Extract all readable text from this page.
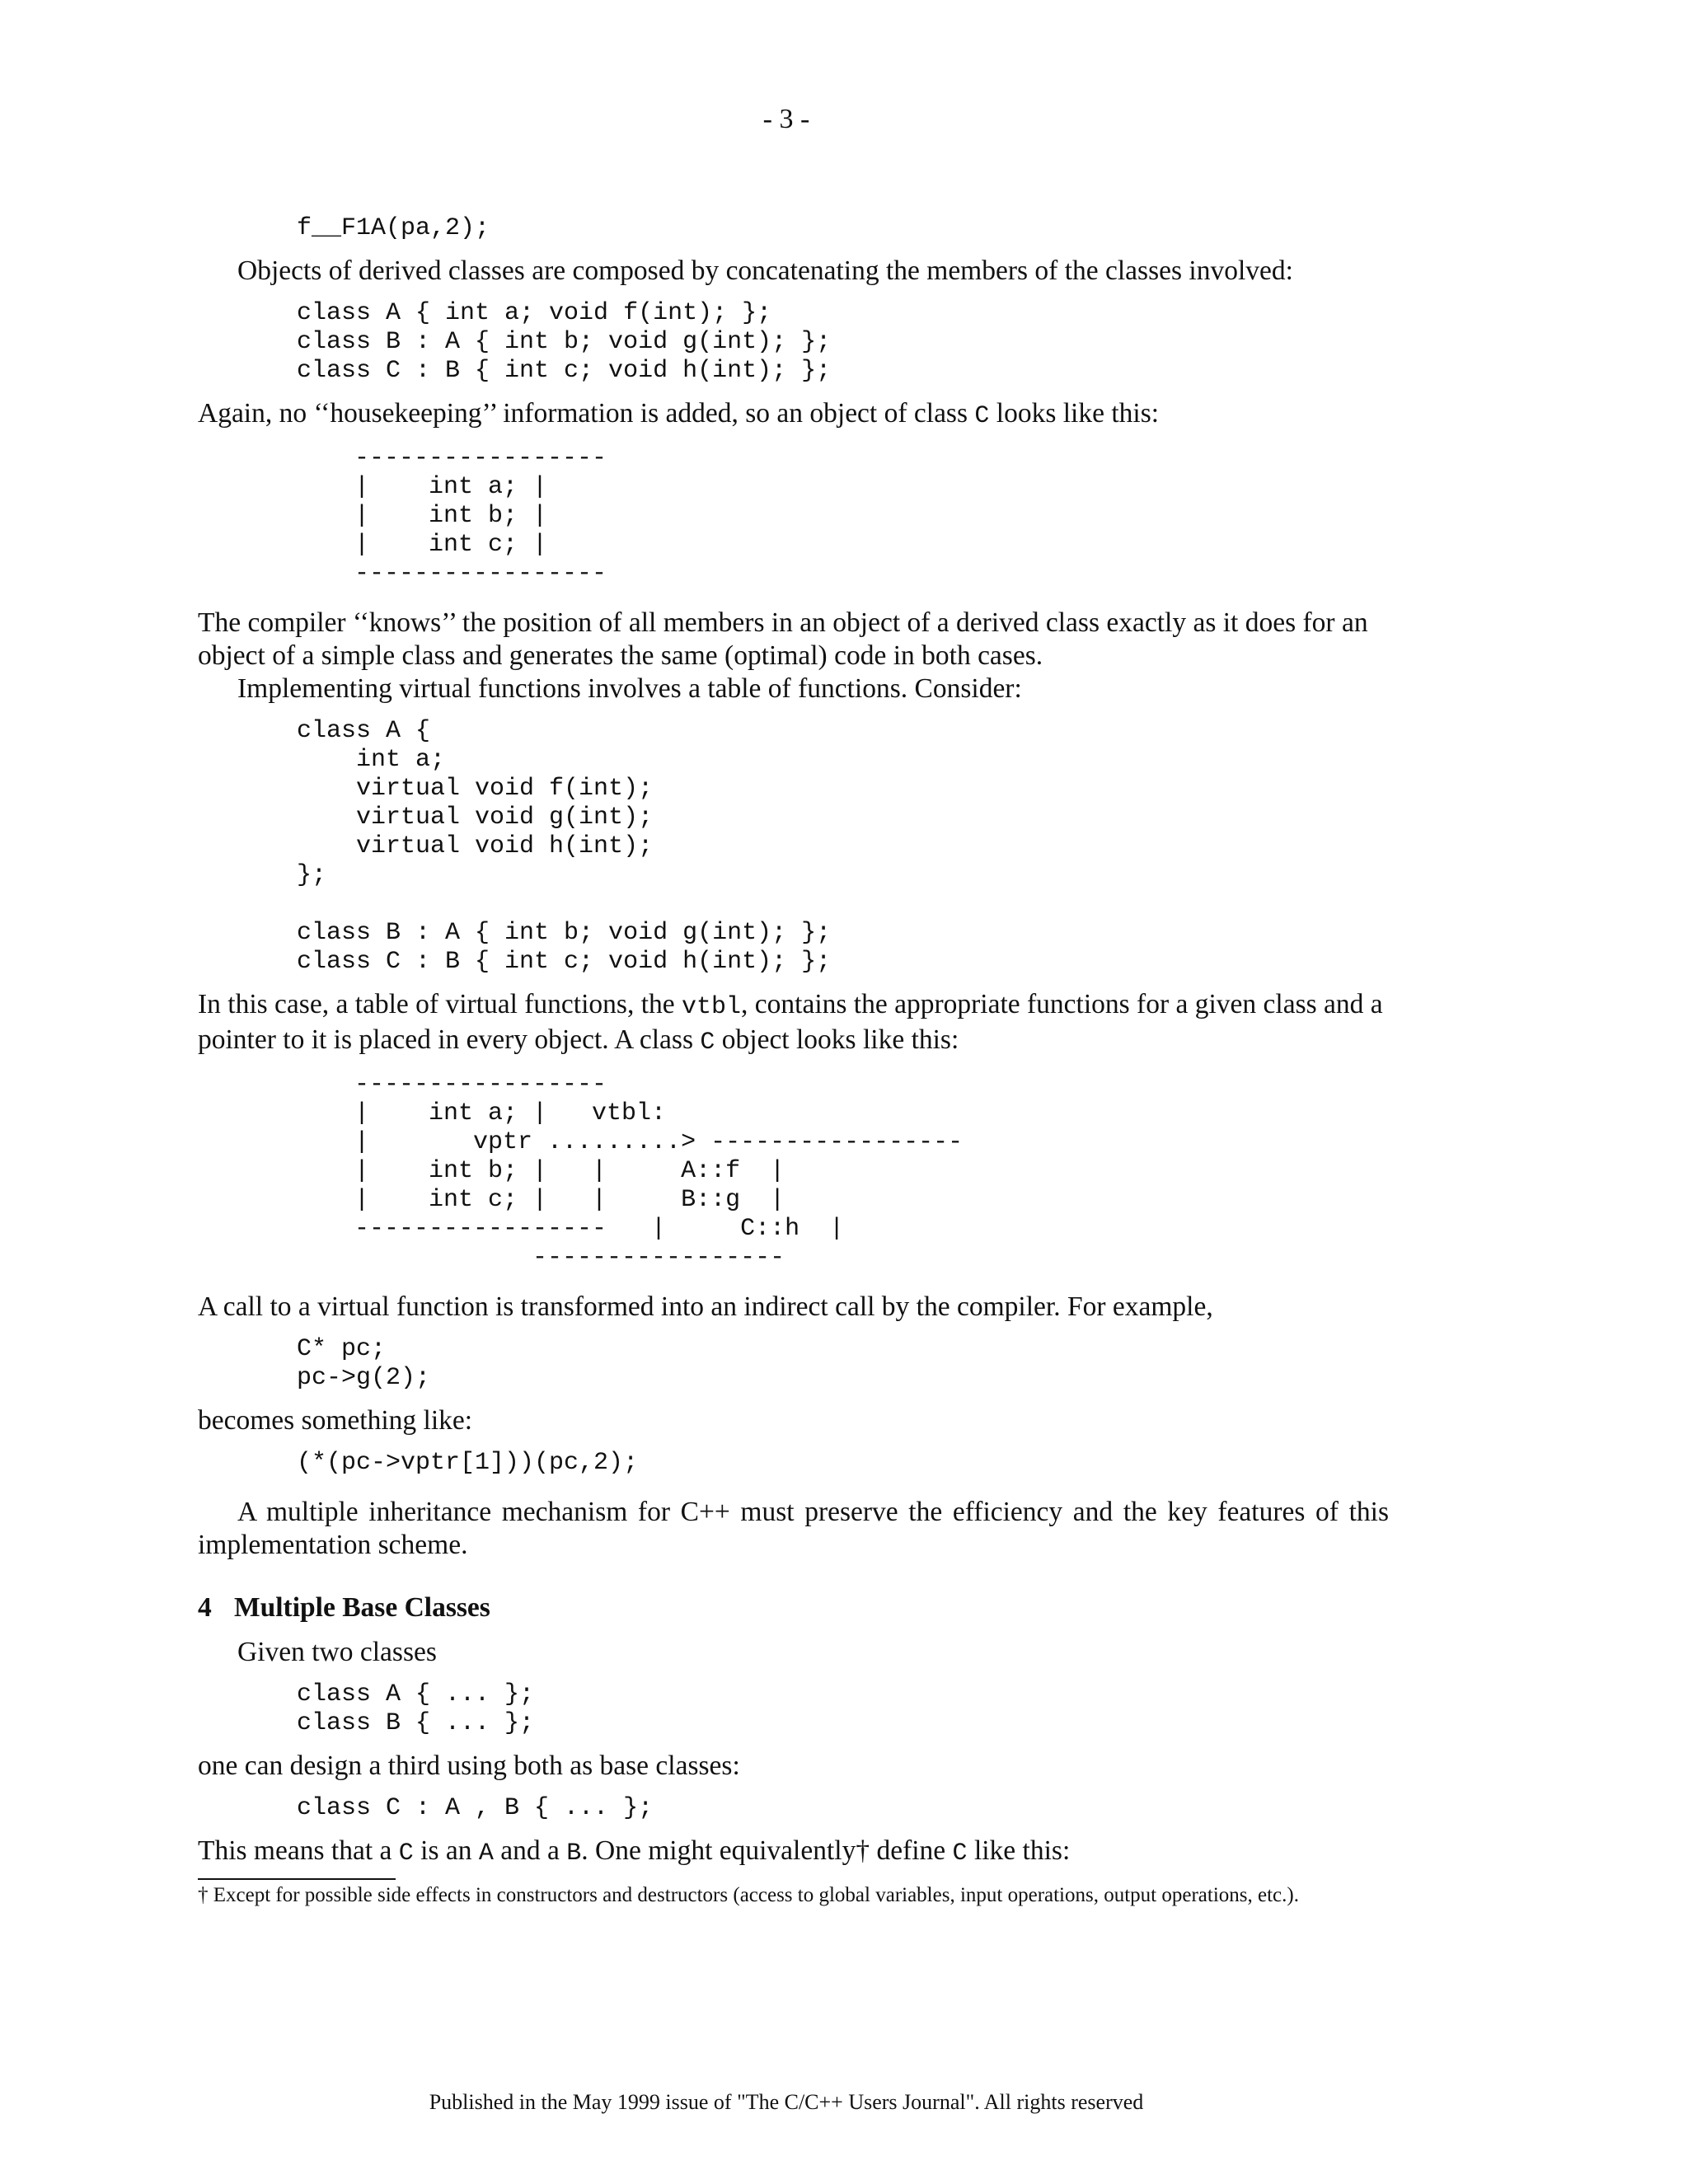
- 3 -
f__F1A(pa,2);

Objects of derived classes are composed by concatenating the members of the classes involved:

class A { int a; void f(int); };
class B : A { int b; void g(int); };
class C : B { int c; void h(int); };

Again, no ‘‘housekeeping’’ information is added, so an object of class C looks like this:

-----------------
|    int a; |
|    int b; |
|    int c; |
-----------------

The compiler ‘‘knows’’ the position of all members in an object of a derived class exactly as it does for an object of a simple class and generates the same (optimal) code in both cases.

Implementing virtual functions involves a table of functions. Consider:

class A {
int a;
virtual void f(int);
virtual void g(int);
virtual void h(int);
};

class B : A { int b; void g(int); };
class C : B { int c; void h(int); };

In this case, a table of virtual functions, the vtbl, contains the appropriate functions for a given class and a pointer to it is placed in every object. A class C object looks like this:

-----------------
|    int a; |   vtbl:
|       vptr .........> -----------------
|    int b; |   |     A::f  |
|    int c; |   |     B::g  |
-----------------   |     C::h  |
-----------------

A call to a virtual function is transformed into an indirect call by the compiler. For example,

C* pc;
pc->g(2);

becomes something like:

(*(pc->vptr[1]))(pc,2);

A multiple inheritance mechanism for C++ must preserve the efficiency and the key features of this implementation scheme.

4 Multiple Base Classes

Given two classes

class A { ... };
class B { ... };

one can design a third using both as base classes:

class C : A , B { ... };

This means that a C is an A and a B. One might equivalently† define C like this:

† Except for possible side effects in constructors and destructors (access to global variables, input operations, output operations, etc.).
Published in the May 1999 issue of "The C/C++ Users Journal". All rights reserved
